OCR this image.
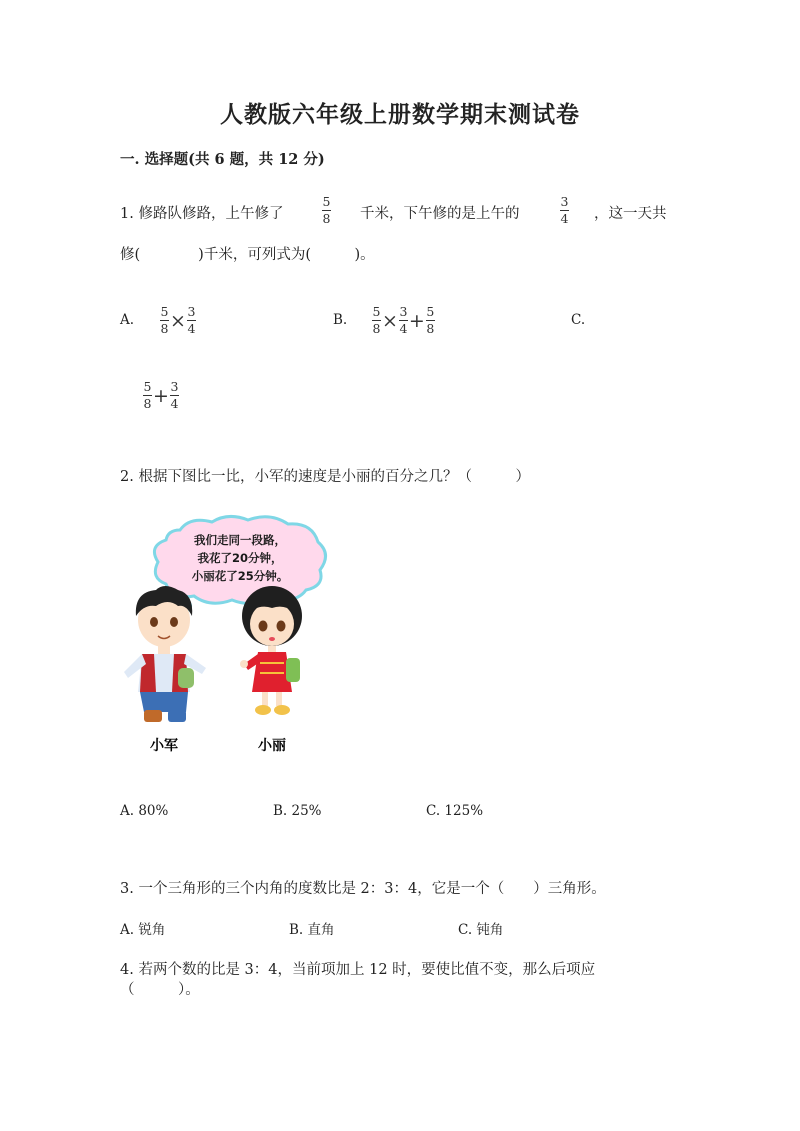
人教版六年级上册数学期末测试卷
一. 选择题(共 6 题，共 12 分)
1. 修路队修路，上午修了
5
8 千米，下午修的是上午的
3
4 ，这一天共
修(　　　　)千米，可列式为(　　　)。
A. $\frac{5}{8} \times \frac{3}{4}$	B. $\frac{5}{8} \times \frac{3}{4} + \frac{5}{8}$	C.
$\frac{5}{8} + \frac{3}{4}$
2. 根据下图比一比，小军的速度是小丽的百分之几？（　　　）
我们走同一段路，
我花了20分钟，
小丽花了25分钟。
小军	小丽
A. 80%	B. 25%	C. 125%
3. 一个三角形的三个内角的度数比是 2：3：4，它是一个（　　）三角形。
A. 锐角	B. 直角	C. 钝角
4. 若两个数的比是 3：4，当前项加上 12 时，要使比值不变，那么后项应
（　　　）。
